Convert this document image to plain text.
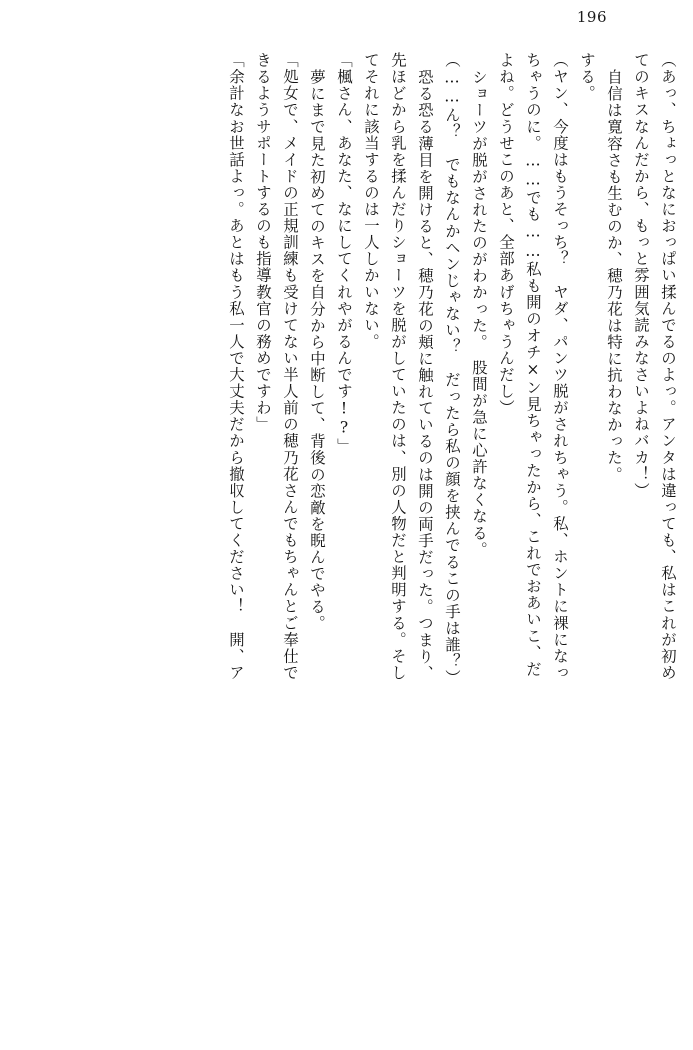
196
（あっ、ちょっとなにおっぱい揉んでるのよっ。アンタは違っても、私はこれが初め
てのキスなんだから、もっと雰囲気読みなさいよねバカ！）
自信は寛容さも生むのか、穂乃花は特に抗わなかった。
する。
（ヤン、今度はもうそっち？　ヤダ、パンツ脱がされちゃう。私、ホントに裸になっ
ちゃうのに。……でも……私も開のオチ×ン見ちゃったから、これでおあいこ、だ
よね。どうせこのあと、全部あげちゃうんだし）
ショーツが脱がされたのがわかった。　股間が急に心許なくなる。
（……ん？　でもなんかヘンじゃない？　だったら私の顔を挟んでるこの手は誰？）
恐る恐る薄目を開けると、穂乃花の頬に触れているのは開の両手だった。つまり、
先ほどから乳を揉んだりショーツを脱がしていたのは、別の人物だと判明する。そし
てそれに該当するのは一人しかいない。
「楓さん、あなた、なにしてくれやがるんです!?」
夢にまで見た初めてのキスを自分から中断して、背後の恋敵を睨んでやる。
「処女で、メイドの正規訓練も受けてない半人前の穂乃花さんでもちゃんとご奉仕で
きるようサポートするのも指導教官の務めですわ」
「余計なお世話よっ。あとはもう私一人で大丈夫だから撤収してください！　開、ア
